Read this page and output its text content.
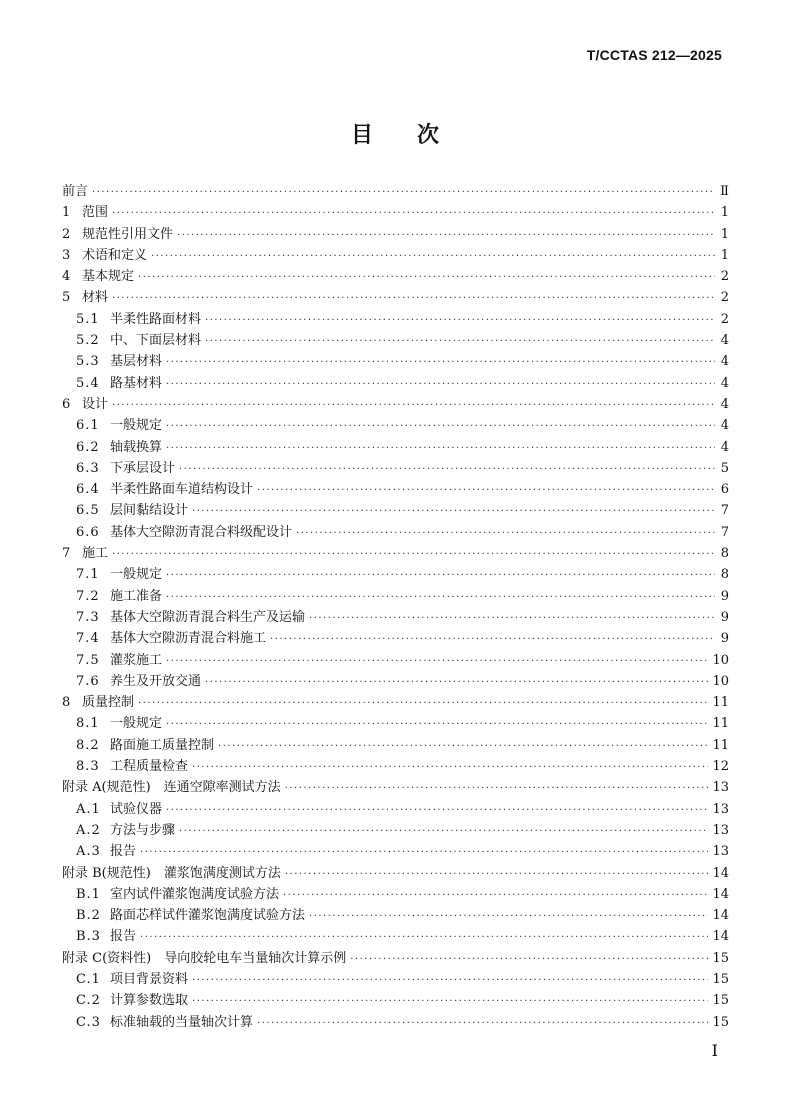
T/CCTAS 212—2025
目 次
前言 ·····	Ⅱ
1 范围 ·····	1
2 规范性引用文件 ·····	1
3 术语和定义 ·····	1
4 基本规定 ·····	2
5 材料 ·····	2
5.1 半柔性路面材料 ·····	2
5.2 中、下面层材料 ·····	4
5.3 基层材料 ·····	4
5.4 路基材料 ·····	4
6 设计 ·····	4
6.1 一般规定 ·····	4
6.2 轴载换算 ·····	4
6.3 下承层设计 ·····	5
6.4 半柔性路面车道结构设计 ·····	6
6.5 层间黏结设计 ·····	7
6.6 基体大空隙沥青混合料级配设计 ·····	7
7 施工 ·····	8
7.1 一般规定 ·····	8
7.2 施工准备 ·····	9
7.3 基体大空隙沥青混合料生产及运输 ·····	9
7.4 基体大空隙沥青混合料施工 ·····	9
7.5 灌浆施工 ·····	10
7.6 养生及开放交通 ·····	10
8 质量控制 ·····	11
8.1 一般规定 ·····	11
8.2 路面施工质量控制 ·····	11
8.3 工程质量检查 ·····	12
附录 A(规范性)　连通空隙率测试方法 ·····	13
A.1 试验仪器 ·····	13
A.2 方法与步骤 ·····	13
A.3 报告 ·····	13
附录 B(规范性)　灌浆饱满度测试方法 ·····	14
B.1 室内试件灌浆饱满度试验方法 ·····	14
B.2 路面芯样试件灌浆饱满度试验方法 ·····	14
B.3 报告 ·····	14
附录 C(资料性)　导向胶轮电车当量轴次计算示例 ·····	15
C.1 项目背景资料 ·····	15
C.2 计算参数选取 ·····	15
C.3 标准轴载的当量轴次计算 ·····	15
I
